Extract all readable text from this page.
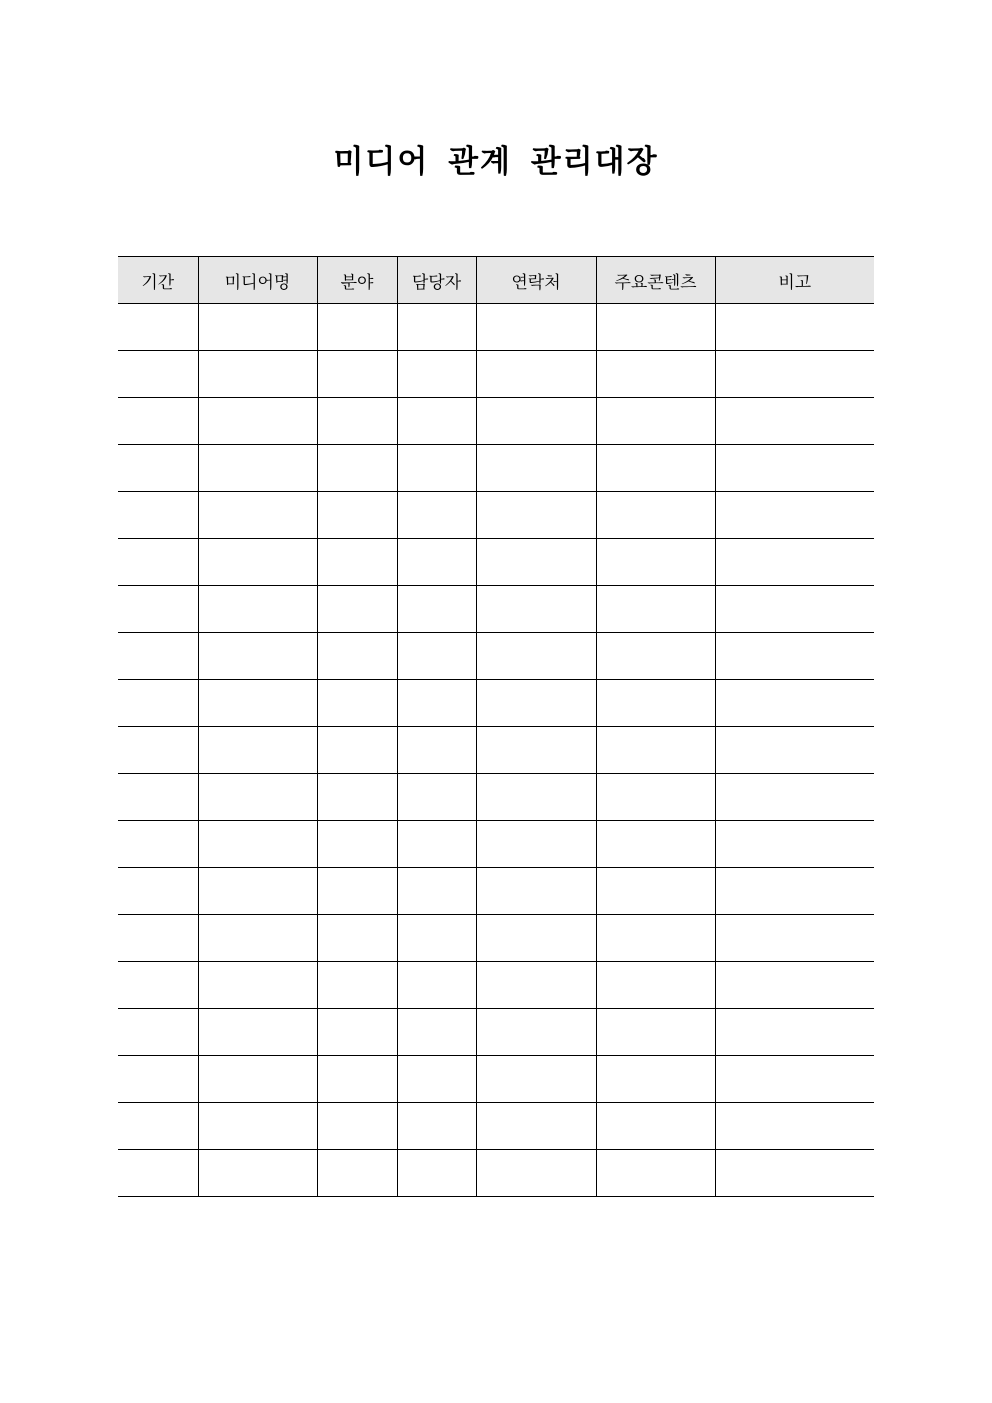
미디어 관계 관리대장
기간	미디어명	분야	담당자	연락처	주요콘텐츠	비고
